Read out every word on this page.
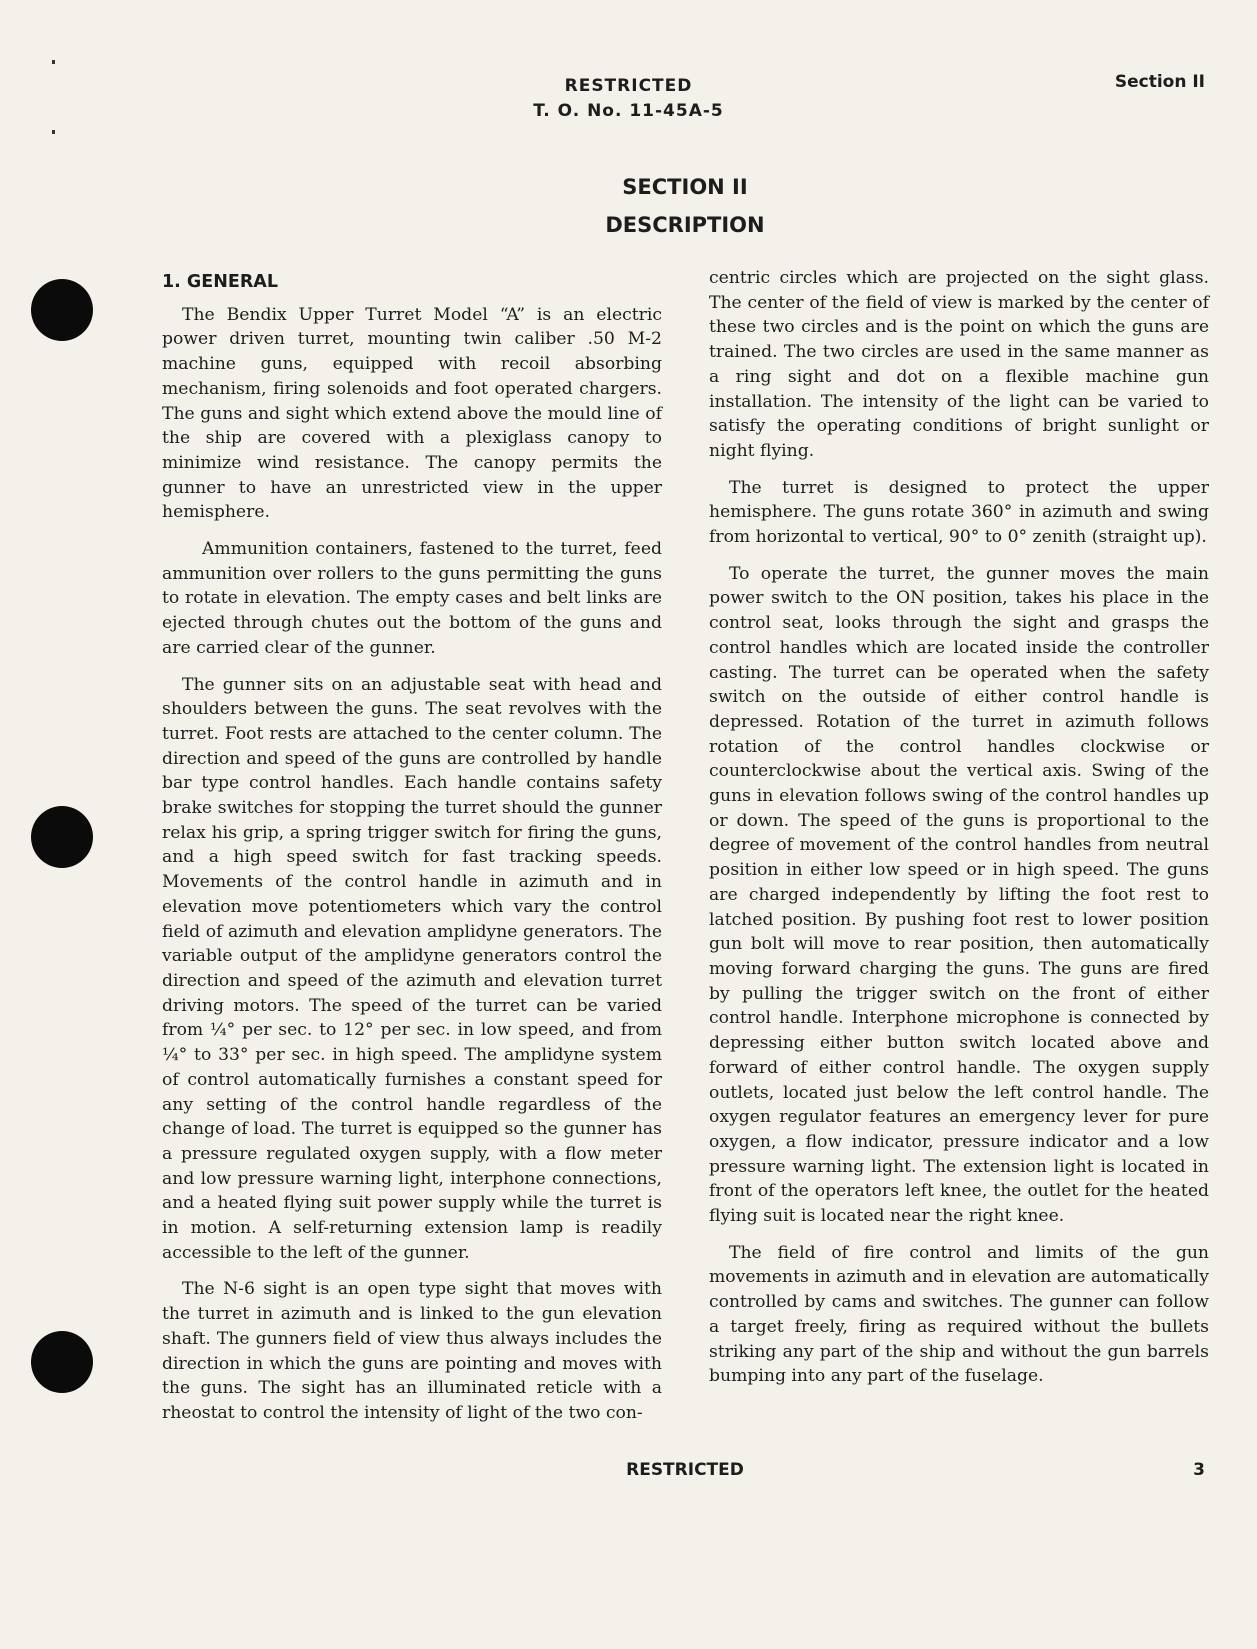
RESTRICTED
T. O. No. 11-45A-5
Section II
SECTION II
DESCRIPTION
1. GENERAL

The Bendix Upper Turret Model “A” is an electric power driven turret, mounting twin caliber .50 M-2 machine guns, equipped with recoil absorbing mechanism, firing solenoids and foot operated chargers. The guns and sight which extend above the mould line of the ship are covered with a plexiglass canopy to minimize wind resistance. The canopy permits the gunner to have an unrestricted view in the upper hemisphere.

Ammunition containers, fastened to the turret, feed ammunition over rollers to the guns permitting the guns to rotate in elevation. The empty cases and belt links are ejected through chutes out the bottom of the guns and are carried clear of the gunner.

The gunner sits on an adjustable seat with head and shoulders between the guns. The seat revolves with the turret. Foot rests are attached to the center column. The direction and speed of the guns are controlled by handle bar type control handles. Each handle contains safety brake switches for stopping the turret should the gunner relax his grip, a spring trigger switch for firing the guns, and a high speed switch for fast tracking speeds. Movements of the control handle in azimuth and in elevation move potentiometers which vary the control field of azimuth and elevation amplidyne generators. The variable output of the amplidyne generators control the direction and speed of the azimuth and elevation turret driving motors. The speed of the turret can be varied from ¼° per sec. to 12° per sec. in low speed, and from ¼° to 33° per sec. in high speed. The amplidyne system of control automatically furnishes a constant speed for any setting of the control handle regardless of the change of load. The turret is equipped so the gunner has a pressure regulated oxygen supply, with a flow meter and low pressure warning light, interphone connections, and a heated flying suit power supply while the turret is in motion. A self-returning extension lamp is readily accessible to the left of the gunner.

The N-6 sight is an open type sight that moves with the turret in azimuth and is linked to the gun elevation shaft. The gunners field of view thus always includes the direction in which the guns are pointing and moves with the guns. The sight has an illuminated reticle with a rheostat to control the intensity of light of the two con-

centric circles which are projected on the sight glass. The center of the field of view is marked by the center of these two circles and is the point on which the guns are trained. The two circles are used in the same manner as a ring sight and dot on a flexible machine gun installation. The intensity of the light can be varied to satisfy the operating conditions of bright sunlight or night flying.

The turret is designed to protect the upper hemisphere. The guns rotate 360° in azimuth and swing from horizontal to vertical, 90° to 0° zenith (straight up).

To operate the turret, the gunner moves the main power switch to the ON position, takes his place in the control seat, looks through the sight and grasps the control handles which are located inside the controller casting. The turret can be operated when the safety switch on the outside of either control handle is depressed. Rotation of the turret in azimuth follows rotation of the control handles clockwise or counterclockwise about the vertical axis. Swing of the guns in elevation follows swing of the control handles up or down. The speed of the guns is proportional to the degree of movement of the control handles from neutral position in either low speed or in high speed. The guns are charged independently by lifting the foot rest to latched position. By pushing foot rest to lower position gun bolt will move to rear position, then automatically moving forward charging the guns. The guns are fired by pulling the trigger switch on the front of either control handle. Interphone microphone is connected by depressing either button switch located above and forward of either control handle. The oxygen supply outlets, located just below the left control handle. The oxygen regulator features an emergency lever for pure oxygen, a flow indicator, pressure indicator and a low pressure warning light. The extension light is located in front of the operators left knee, the outlet for the heated flying suit is located near the right knee.

The field of fire control and limits of the gun movements in azimuth and in elevation are automatically controlled by cams and switches. The gunner can follow a target freely, firing as required without the bullets striking any part of the ship and without the gun barrels bumping into any part of the fuselage.

RESTRICTED	3
